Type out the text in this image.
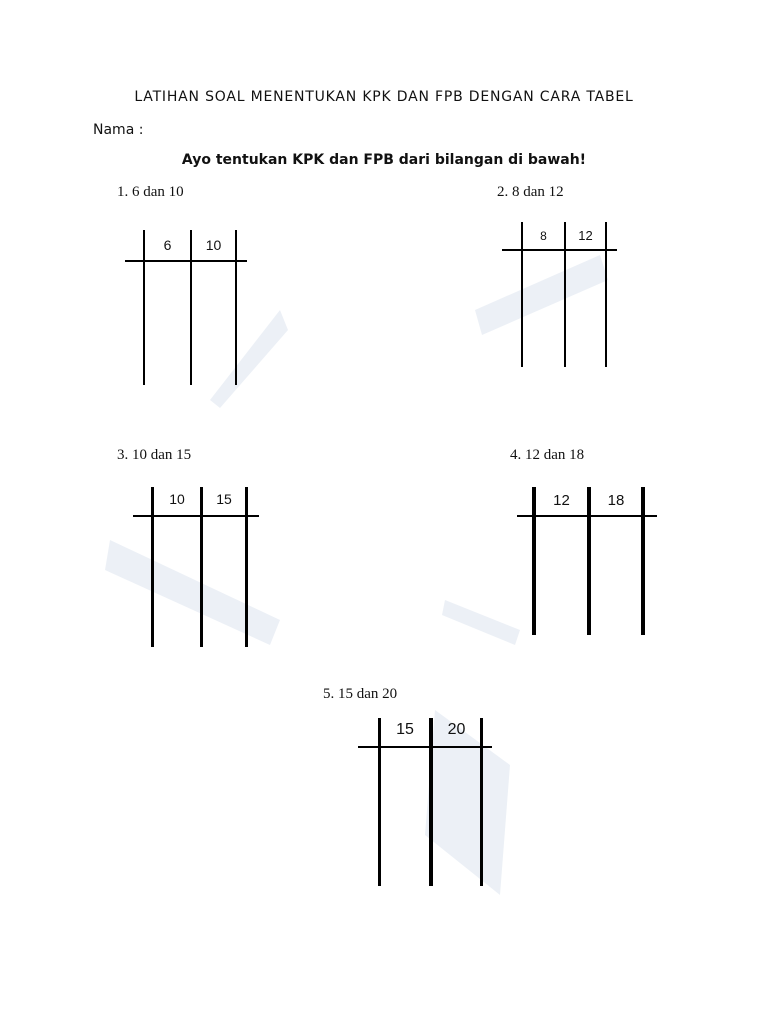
LATIHAN SOAL MENENTUKAN KPK DAN FPB DENGAN CARA TABEL
Nama :
Ayo tentukan KPK dan FPB dari bilangan di bawah!
1. 6 dan 10
6	10
2. 8 dan 12
8	12
3. 10 dan 15
10	15
4. 12 dan 18
12	18
5. 15 dan 20
15	20
